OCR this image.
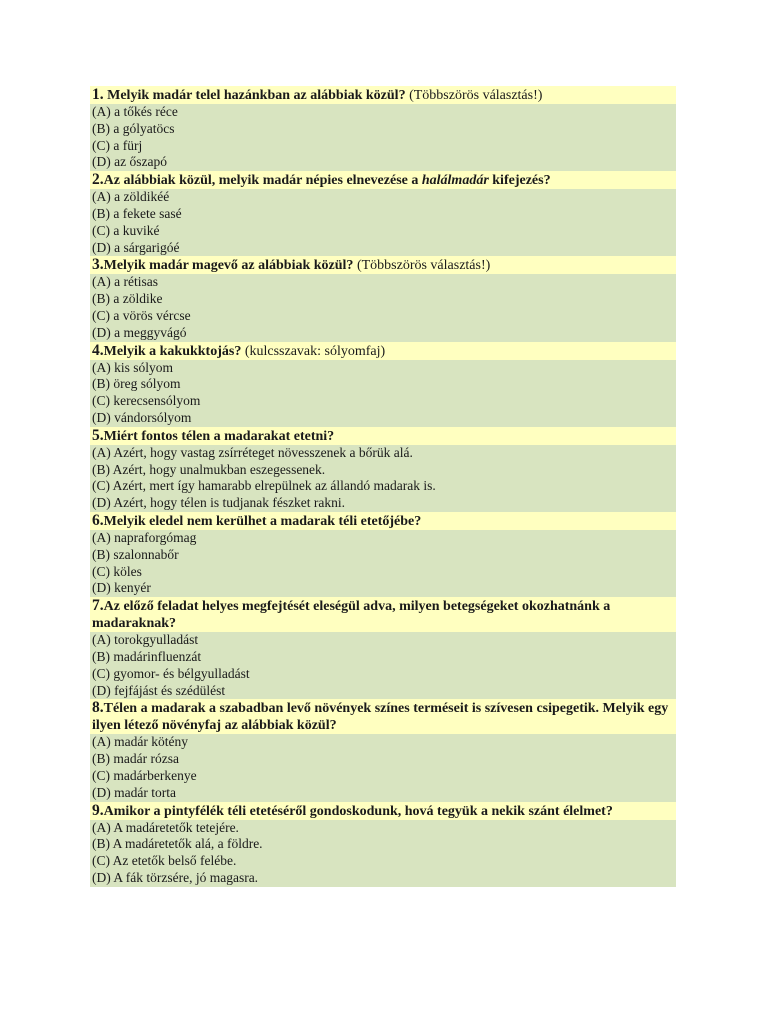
1. Melyik madár telel hazánkban az alábbiak közül? (Többszörös választás!)
(A) a tőkés réce
(B) a gólyatöcs
(C) a fürj
(D) az őszapó
2.Az alábbiak közül, melyik madár népies elnevezése a halálmadár kifejezés?
(A) a zöldikéé
(B) a fekete sasé
(C) a kuviké
(D) a sárgarigóé
3.Melyik madár magevő az alábbiak közül? (Többszörös választás!)
(A) a rétisas
(B) a zöldike
(C) a vörös vércse
(D) a meggyvágó
4.Melyik a kakukktojás? (kulcsszavak: sólyomfaj)
(A) kis sólyom
(B) öreg sólyom
(C) kerecsensólyom
(D) vándorsólyom
5.Miért fontos télen a madarakat etetni?
(A) Azért, hogy vastag zsírréteget növesszenek a bőrük alá.
(B) Azért, hogy unalmukban eszegessenek.
(C) Azért, mert így hamarabb elrepülnek az állandó madarak is.
(D) Azért, hogy télen is tudjanak fészket rakni.
6.Melyik eledel nem kerülhet a madarak téli etetőjébe?
(A) napraforgómag
(B) szalonnabőr
(C) köles
(D) kenyér
7.Az előző feladat helyes megfejtését eleségül adva, milyen betegségeket okozhatnánk a madaraknak?
(A) torokgyulladást
(B) madárinfluenzát
(C) gyomor- és bélgyulladást
(D) fejfájást és szédülést
8.Télen a madarak a szabadban levő növények színes terméseit is szívesen csipegetik. Melyik egy ilyen létező növényfaj az alábbiak közül?
(A) madár kötény
(B) madár rózsa
(C) madárberkenye
(D) madár torta
9.Amikor a pintyfélék téli etetéséről gondoskodunk, hová tegyük a nekik szánt élelmet?
(A) A madáretetők tetejére.
(B) A madáretetők alá, a földre.
(C) Az etetők belső felébe.
(D) A fák törzsére, jó magasra.
